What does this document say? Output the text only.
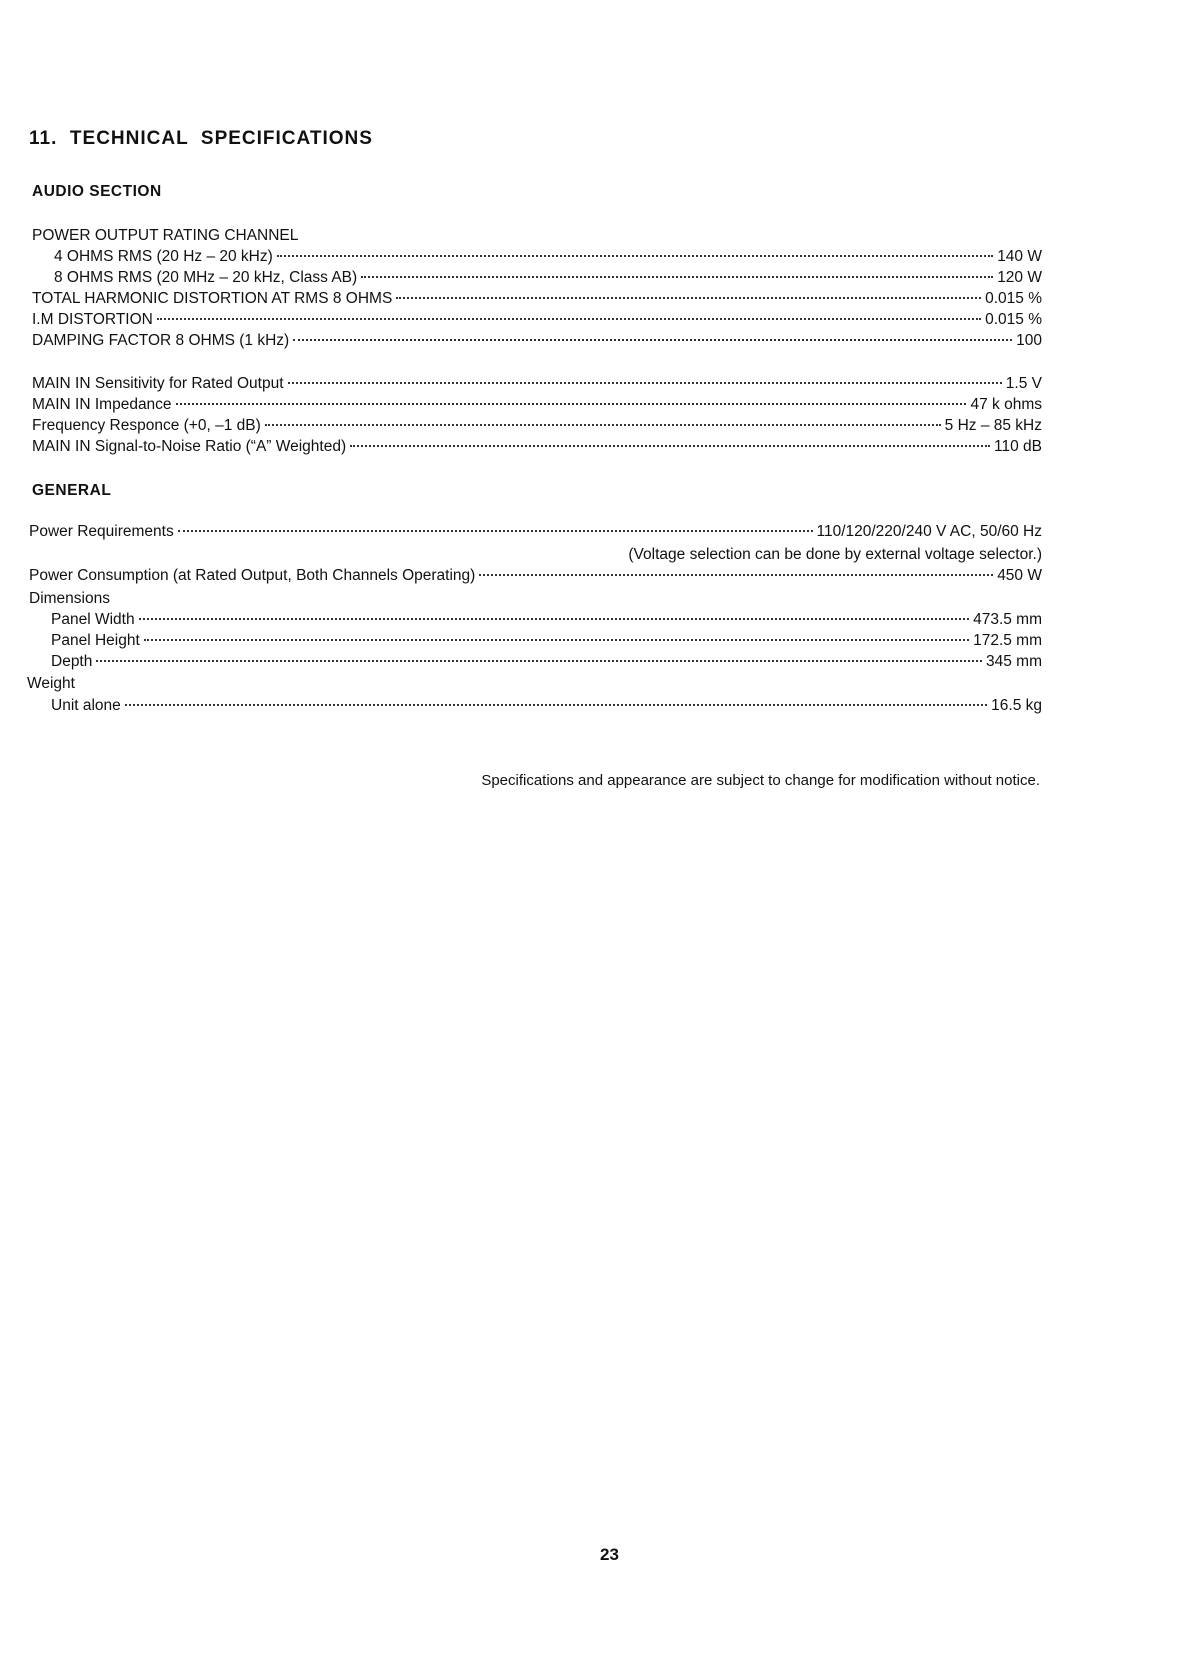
11.  TECHNICAL  SPECIFICATIONS
AUDIO SECTION
POWER OUTPUT RATING CHANNEL
4 OHMS RMS (20 Hz – 20 kHz)	140 W
8 OHMS RMS (20 MHz – 20 kHz, Class AB)	120 W
TOTAL HARMONIC DISTORTION AT RMS 8 OHMS	0.015 %
I.M DISTORTION	0.015 %
DAMPING FACTOR 8 OHMS (1 kHz)	100
MAIN IN Sensitivity for Rated Output	1.5 V
MAIN IN Impedance	47 k ohms
Frequency Responce (+0, –1 dB)	5 Hz – 85 kHz
MAIN IN Signal-to-Noise Ratio (“A” Weighted)	110 dB
GENERAL
Power Requirements	110/120/220/240 V AC, 50/60 Hz
(Voltage selection can be done by external voltage selector.)
Power Consumption (at Rated Output, Both Channels Operating)	450 W
Dimensions
Panel Width	473.5 mm
Panel Height	172.5 mm
Depth	345 mm
Weight
Unit alone	16.5 kg
Specifications and appearance are subject to change for modification without notice.
23
